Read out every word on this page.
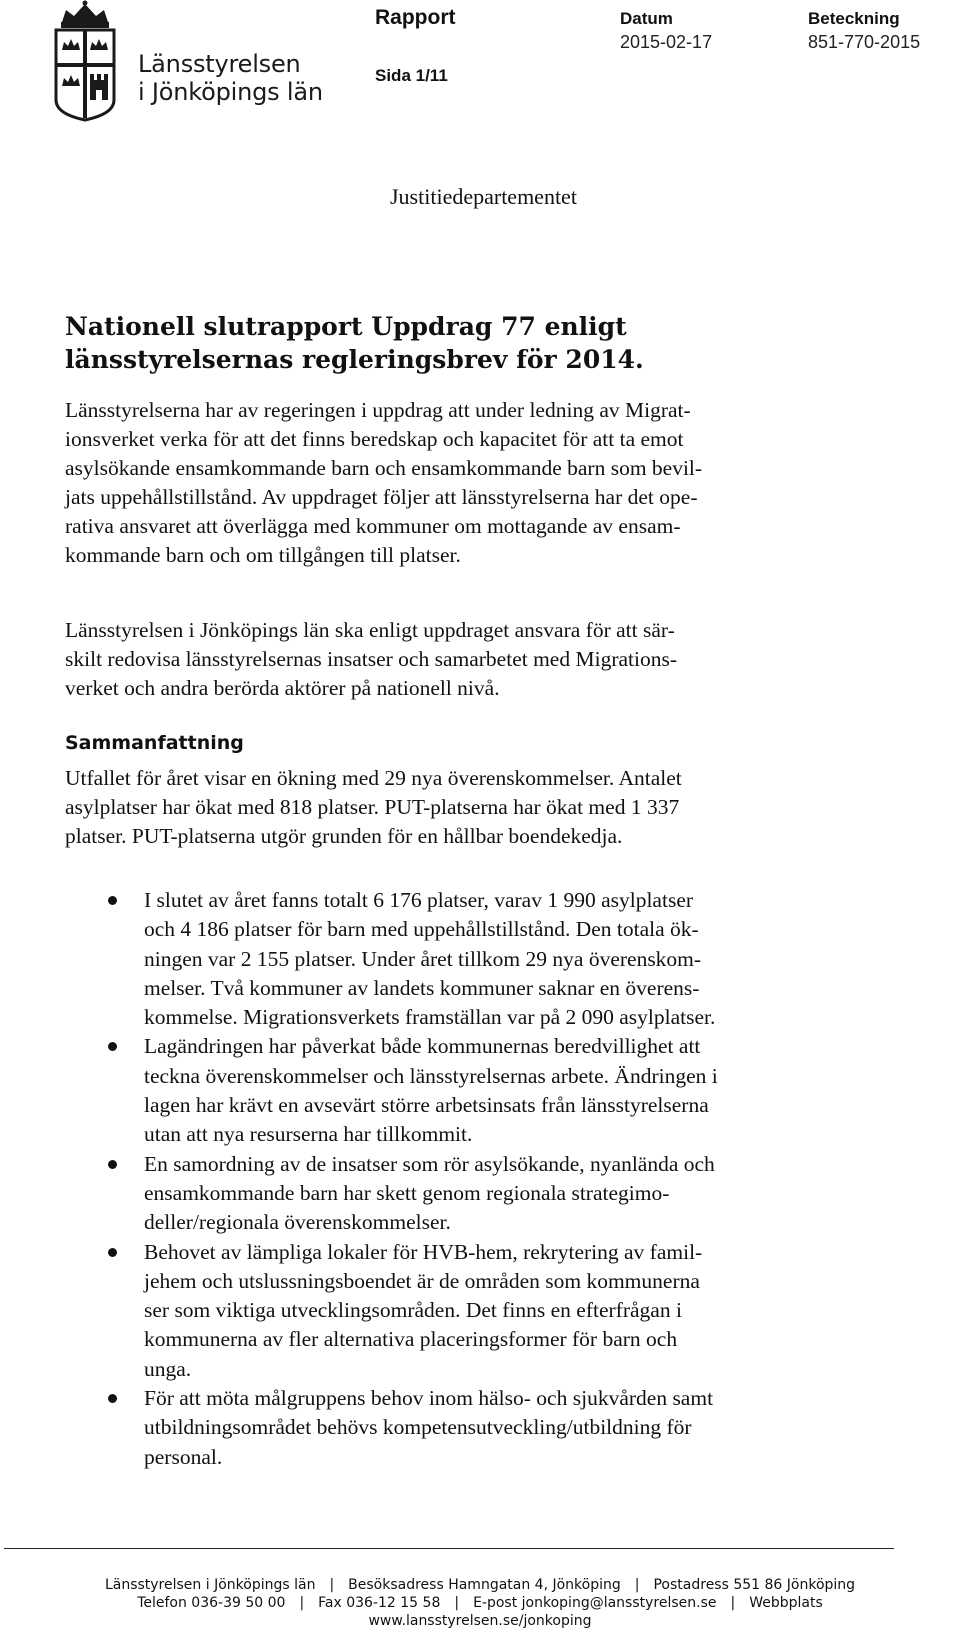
Länsstyrelsen
i Jönköpings län
Rapport
Sida 1/11
Datum
2015-02-17
Beteckning
851-770-2015
Justitiedepartementet
Nationell slutrapport Uppdrag 77 enligt
länsstyrelsernas regleringsbrev för 2014.
Länsstyrelserna har av regeringen i uppdrag att under ledning av Migrat-
ionsverket verka för att det finns beredskap och kapacitet för att ta emot
asylsökande ensamkommande barn och ensamkommande barn som bevil-
jats uppehållstillstånd. Av uppdraget följer att länsstyrelserna har det ope-
rativa ansvaret att överlägga med kommuner om mottagande av ensam-
kommande barn och om tillgången till platser.
Länsstyrelsen i Jönköpings län ska enligt uppdraget ansvara för att sär-
skilt redovisa länsstyrelsernas insatser och samarbetet med Migrations-
verket och andra berörda aktörer på nationell nivå.
Sammanfattning
Utfallet för året visar en ökning med 29 nya överenskommelser. Antalet
asylplatser har ökat med 818 platser. PUT-platserna har ökat med 1 337
platser. PUT-platserna utgör grunden för en hållbar boendekedja.
I slutet av året fanns totalt 6 176 platser, varav 1 990 asylplatser
och 4 186 platser för barn med uppehållstillstånd. Den totala ök-
ningen var 2 155 platser. Under året tillkom 29 nya överenskom-
melser. Två kommuner av landets kommuner saknar en överens-
kommelse. Migrationsverkets framställan var på 2 090 asylplatser.
Lagändringen har påverkat både kommunernas beredvillighet att
teckna överenskommelser och länsstyrelsernas arbete. Ändringen i
lagen har krävt en avsevärt större arbetsinsats från länsstyrelserna
utan att nya resurserna har tillkommit.
En samordning av de insatser som rör asylsökande, nyanlända och
ensamkommande barn har skett genom regionala strategimo-
deller/regionala överenskommelser.
Behovet av lämpliga lokaler för HVB-hem, rekrytering av famil-
jehem och utslussningsboendet är de områden som kommunerna
ser som viktiga utvecklingsområden. Det finns en efterfrågan i
kommunerna av fler alternativa placeringsformer för barn och
unga.
För att möta målgruppens behov inom hälso- och sjukvården samt
utbildningsområdet behövs kompetensutveckling/utbildning för
personal.
Länsstyrelsen i Jönköpings län | Besöksadress Hamngatan 4, Jönköping | Postadress 551 86 Jönköping
Telefon 036-39 50 00 | Fax 036-12 15 58 | E-post jonkoping@lansstyrelsen.se | Webbplats
www.lansstyrelsen.se/jonkoping
